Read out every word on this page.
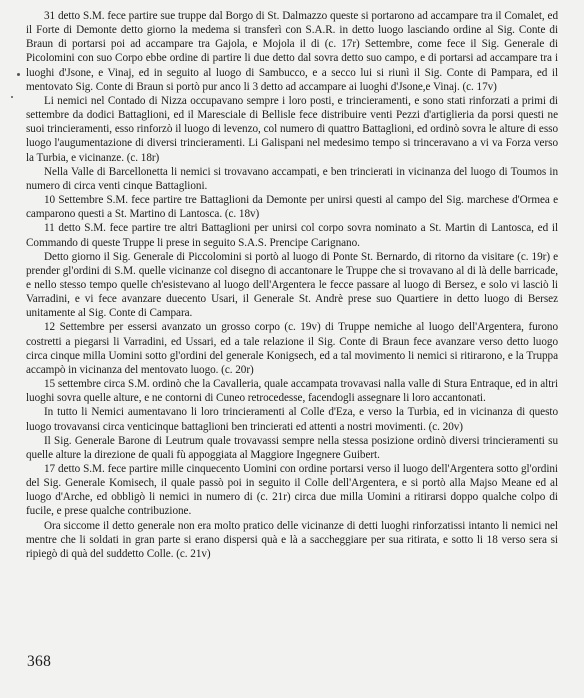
31 detto S.M. fece partire sue truppe dal Borgo di St. Dalmazzo queste si portarono ad accampare tra il Comalet, ed il Forte di Demonte detto giorno la medema si transferì con S.A.R. in detto luogo lasciando ordine al Sig. Conte di Braun di portarsi poi ad accampare tra Gajola, e Mojola il di (c. 17r) Settembre, come fece il Sig. Generale di Picolomini con suo Corpo ebbe ordine di partire li due detto dal sovra detto suo campo, e di portarsi ad accampare tra i luoghi d'Jsone, e Vinaj, ed in seguito al luogo di Sambucco, e a secco lui si riunì il Sig. Conte di Pampara, ed il mentovato Sig. Conte di Braun si portò pur anco li 3 detto ad accampare ai luoghi d'Jsone,e Vinaj. (c. 17v)

Li nemici nel Contado di Nizza occupavano sempre i loro posti, e trincieramenti, e sono stati rinforzati a primi di settembre da dodici Battaglioni, ed il Maresciale di Bellisle fece distribuire venti Pezzi d'artiglieria da porsi questi ne suoi trincieramenti, esso rinforzò il luogo di levenzo, col numero di quattro Battaglioni, ed ordinò sovra le alture di esso luogo l'augumentazione di diversi trincieramenti. Li Galispani nel medesimo tempo si trinceravano a vi va Forza verso la Turbia, e vicinanze. (c. 18r)

Nella Valle di Barcellonetta li nemici si trovavano accampati, e ben trincierati in vicinanza del luogo di Toumos in numero di circa venti cinque Battaglioni.

10 Settembre S.M. fece partire tre Battaglioni da Demonte per unirsi questi al campo del Sig. marchese d'Ormea e camparono questi a St. Martino di Lantosca. (c. 18v)

11 detto S.M. fece partire tre altri Battaglioni per unirsi col corpo sovra nominato a St. Martin di Lantosca, ed il Commando di queste Truppe li prese in seguito S.A.S. Prencipe Carignano.

Detto giorno il Sig. Generale di Piccolomini si portò al luogo di Ponte St. Bernardo, di ritorno da visitare (c. 19r) e prender gl'ordini di S.M. quelle vicinanze col disegno di accantonare le Truppe che si trovavano al di là delle barricade, e nello stesso tempo quelle ch'esistevano al luogo dell'Argentera le fecce passare al luogo di Bersez, e solo vi lasciò li Varradini, e vi fece avanzare duecento Usari, il Generale St. Andrè prese suo Quartiere in detto luogo di Bersez unitamente al Sig. Conte di Campara.

12 Settembre per essersi avanzato un grosso corpo (c. 19v) di Truppe nemiche al luogo dell'Argentera, furono costretti a piegarsi li Varradini, ed Ussari, ed a tale relazione il Sig. Conte di Braun fece avanzare verso detto luogo circa cinque milla Uomini sotto gl'ordini del generale Konigsech, ed a tal movimento li nemici si ritirarono, e la Truppa accampò in vicinanza del mentovato luogo. (c. 20r)

15 settembre circa S.M. ordinò che la Cavalleria, quale accampata trovavasi nalla valle di Stura Entraque, ed in altri luoghi sovra quelle alture, e ne contorni di Cuneo retrocedesse, facendogli assegnare li loro accantonati.

In tutto li Nemici aumentavano li loro trincieramenti al Colle d'Eza, e verso la Turbia, ed in vicinanza di questo luogo trovavansi circa venticinque battaglioni ben trincierati ed attenti a nostri movimenti. (c. 20v)

Il Sig. Generale Barone di Leutrum quale trovavassi sempre nella stessa posizione ordinò diversi trincieramenti su quelle alture la direzione de quali fù appoggiata al Maggiore Ingegnere Guibert.

17 detto S.M. fece partire mille cinquecento Uomini con ordine portarsi verso il luogo dell'Argentera sotto gl'ordini del Sig. Generale Komisech, il quale passò poi in seguito il Colle dell'Argentera, e si portò alla Majso Meane ed al luogo d'Arche, ed obbligò li nemici in numero di (c. 21r) circa due milla Uomini a ritirarsi doppo qualche colpo di fucile, e prese qualche contribuzione.

Ora siccome il detto generale non era molto pratico delle vicinanze di detti luoghi rinforzatissi intanto li nemici nel mentre che li soldati in gran parte si erano dispersi quà e là a saccheggiare per sua ritirata, e sotto li 18 verso sera si ripiegò di quà del suddetto Colle. (c. 21v)

368
